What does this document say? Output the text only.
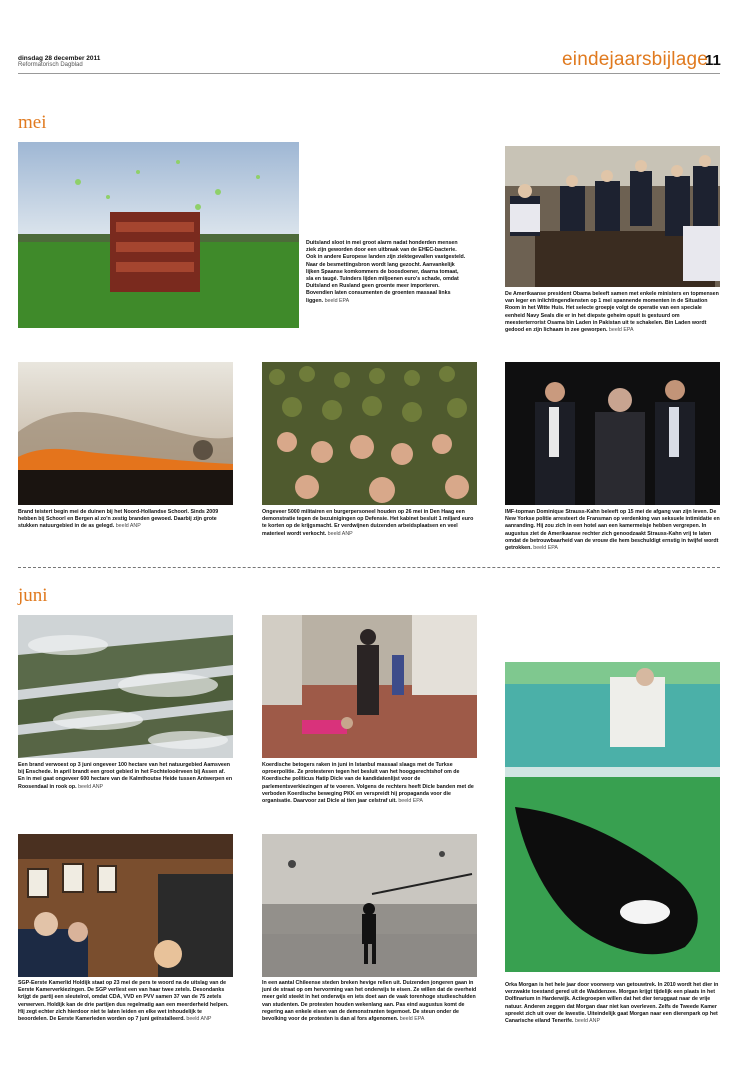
dinsdag 28 december 2011
Reformatorisch Dagblad	eindejaarsbijlage
11
mei
Duitsland sloot in mei groot alarm nadat honderden mensen ziek zijn geworden door een uitbraak van de EHEC-bacterie. Ook in andere Europese landen zijn ziektegevallen vastgesteld. Naar de besmettingsbron wordt lang gezocht. Aanvankelijk lijken Spaanse komkommers de boosdoener, daarna tomaat, sla en taugé. Tuinders lijden miljoenen euro's schade, omdat Duitsland en Rusland geen groente meer importeren. Bovendien laten consumenten de groenten massaal links liggen. beeld EPA
De Amerikaanse president Obama beleeft samen met enkele ministers en topmensen van leger en inlichtingendiensten op 1 mei spannende momenten in de Situation Room in het Witte Huis. Het selecte groepje volgt de operatie van een speciale eenheid Navy Seals die er in het diepste geheim opuit is gestuurd om meesterterrorist Osama bin Laden in Pakistan uit te schakelen. Bin Laden wordt gedood en zijn lichaam in zee geworpen. beeld EPA
Brand teistert begin mei de duinen bij het Noord-Hollandse Schoorl. Sinds 2009 hebben bij Schoorl en Bergen al zo'n zestig branden gewoed. Daarbij zijn grote stukken natuurgebied in de as gelegd. beeld ANP
Ongeveer 5000 militairen en burgerpersoneel houden op 26 mei in Den Haag een demonstratie tegen de bezuinigingen op Defensie. Het kabinet besluit 1 miljard euro te korten op de krijgsmacht. Er verdwijnen duizenden arbeidsplaatsen en veel materieel wordt verkocht. beeld ANP
IMF-topman Dominique Strauss-Kahn beleeft op 15 mei de afgang van zijn leven. De New Yorkse politie arresteert de Fransman op verdenking van seksuele intimidatie en aanranding. Hij zou zich in een hotel aan een kamermeisje hebben vergrepen. In augustus ziet de Amerikaanse rechter zich genoodzaakt Strauss-Kahn vrij te laten omdat de betrouwbaarheid van de vrouw die hem beschuldigt ernstig in twijfel wordt getrokken. beeld EPA
juni
Een brand verwoest op 3 juni ongeveer 100 hectare van het natuurgebied Aamsveen bij Enschede. In april brandt een groot gebied in het Fochtelooërveen bij Assen af. En in mei gaat ongeveer 600 hectare van de Kalmthoutse Heide tussen Antwerpen en Roosendaal in rook op. beeld ANP
Koerdische betogers raken in juni in Istanbul massaal slaags met de Turkse oproerpolitie. Ze protesteren tegen het besluit van het hooggerechtshof om de Koerdische politicus Hatip Dicle van de kandidatenlijst voor de parlementsverkiezingen af te voeren. Volgens de rechters heeft Dicle banden met de verboden Koerdische beweging PKK en verspreidt hij propaganda voor die organisatie. Daarvoor zat Dicle al tien jaar celstraf uit. beeld EPA
Orka Morgan is het hele jaar door voorwerp van getouwtrek. In 2010 wordt het dier in verzwakte toestand gered uit de Waddenzee. Morgan krijgt tijdelijk een plaats in het Dolfinarium in Harderwijk. Actiegroepen willen dat het dier teruggaat naar de vrije natuur. Anderen zeggen dat Morgan daar niet kan overleven. Zelfs de Tweede Kamer spreekt zich uit over de kwestie. Uiteindelijk gaat Morgan naar een dierenpark op het Canarische eiland Tenerife. beeld ANP
SGP-Eerste Kamerlid Holdijk staat op 23 mei de pers te woord na de uitslag van de Eerste Kamerverkiezingen. De SGP verliest een van haar twee zetels. Desondanks krijgt de partij een sleutelrol, omdat CDA, VVD en PVV samen 37 van de 75 zetels verwerven. Holdijk kan de drie partijen dus regelmatig aan een meerderheid helpen. Hij zegt echter zich hierdoor niet te laten leiden en elke wet inhoudelijk te beoordelen. De Eerste Kamerleden worden op 7 juni geïnstalleerd. beeld ANP
In een aantal Chileense steden breken hevige rellen uit. Duizenden jongeren gaan in juni de straat op om hervorming van het onderwijs te eisen. Ze willen dat de overheid meer geld steekt in het onderwijs en iets doet aan de vaak torenhoge studieschulden van studenten. De protesten houden wekenlang aan. Pas eind augustus komt de regering aan enkele eisen van de demonstranten tegemoet. De steun onder de bevolking voor de protesten is dan al fors afgenomen. beeld EPA
